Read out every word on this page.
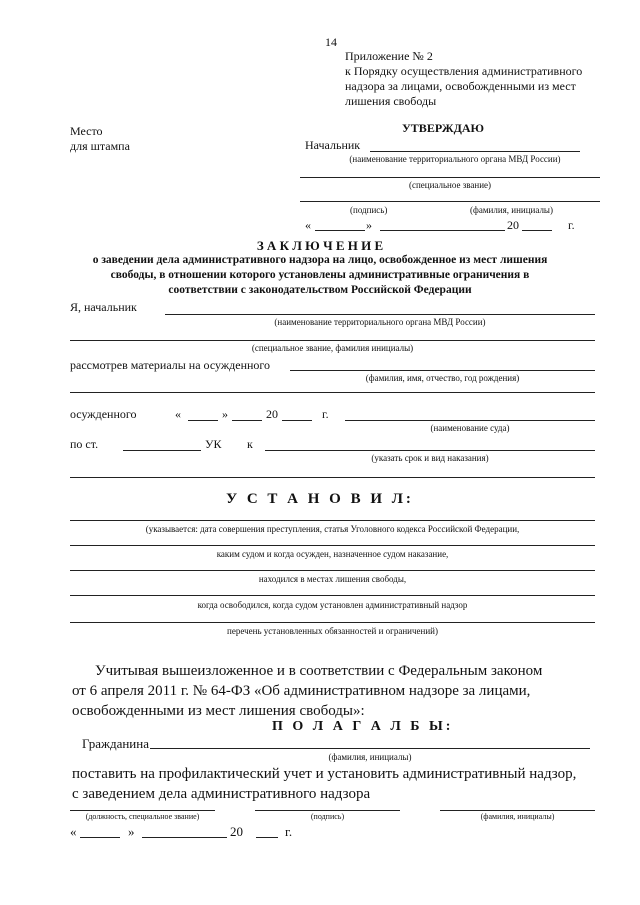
14
Приложение № 2
к Порядку осуществления административного
надзора за лицами, освобожденными из мест
лишения свободы
Место
для штампа
УТВЕРЖДАЮ
Начальник
(наименование территориального органа МВД России)
(специальное звание)
(подпись)	(фамилия, инициалы)
«	»	20	г.
З А К Л Ю Ч Е Н И Е
о заведении дела административного надзора на лицо, освобожденное из мест лишения
свободы, в отношении которого установлены административные ограничения в
соответствии с законодательством Российской Федерации
Я, начальник
(наименование территориального органа МВД России)
(специальное звание, фамилия инициалы)
рассмотрев материалы на осужденного
(фамилия, имя, отчество, год рождения)
осужденного	«	»	20	г.
(наименование суда)
по ст.	УК к
(указать срок и вид наказания)
У С Т А Н О В И Л:
(указывается: дата совершения преступления, статья Уголовного кодекса Российской Федерации,
каким судом и когда осужден, назначенное судом наказание,
находился в местах лишения свободы,
когда освободился, когда судом установлен административный надзор
перечень установленных обязанностей и ограничений)
Учитывая вышеизложенное и в соответствии с Федеральным законом
от 6 апреля 2011 г. № 64-ФЗ «Об административном надзоре за лицами,
освобожденными из мест лишения свободы»:
П О Л А Г А Л Б Ы:
Гражданина
(фамилия, инициалы)
поставить на профилактический учет и установить административный надзор,
с заведением дела административного надзора
(должность, специальное звание)	(подпись)	(фамилия, инициалы)
«	»	20	г.
